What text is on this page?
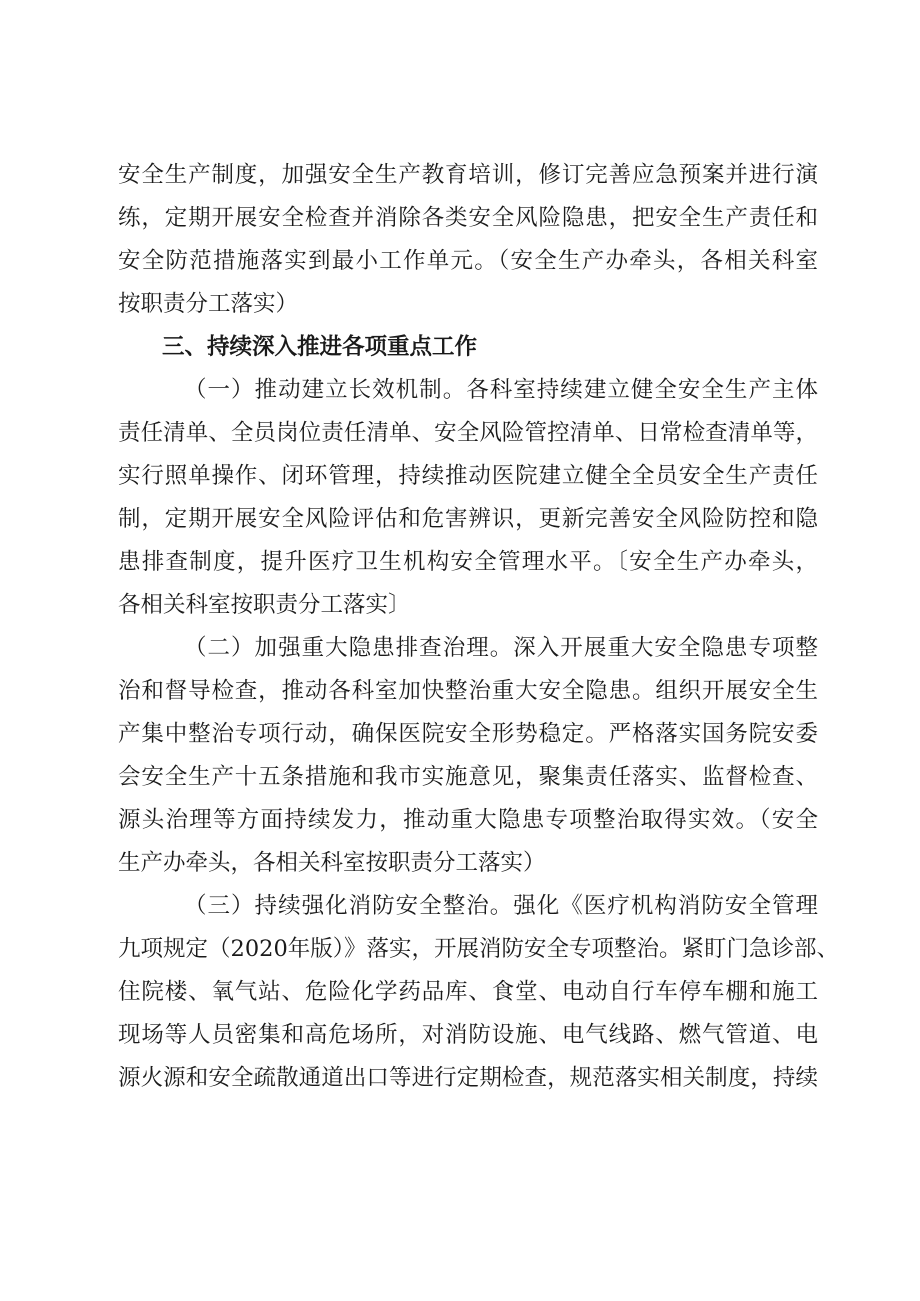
安全生产制度，加强安全生产教育培训，修订完善应急预案并进行演
练，定期开展安全检查并消除各类安全风险隐患，把安全生产责任和
安全防范措施落实到最小工作单元。（安全生产办牵头，各相关科室
按职责分工落实）
三、持续深入推进各项重点工作
（一）推动建立长效机制。各科室持续建立健全安全生产主体
责任清单、全员岗位责任清单、安全风险管控清单、日常检查清单等，
实行照单操作、闭环管理，持续推动医院建立健全全员安全生产责任
制，定期开展安全风险评估和危害辨识，更新完善安全风险防控和隐
患排查制度，提升医疗卫生机构安全管理水平。〔安全生产办牵头，
各相关科室按职责分工落实〕
（二）加强重大隐患排查治理。深入开展重大安全隐患专项整
治和督导检查，推动各科室加快整治重大安全隐患。组织开展安全生
产集中整治专项行动，确保医院安全形势稳定。严格落实国务院安委
会安全生产十五条措施和我市实施意见，聚集责任落实、监督检查、
源头治理等方面持续发力，推动重大隐患专项整治取得实效。（安全
生产办牵头，各相关科室按职责分工落实）
（三）持续强化消防安全整治。强化《医疗机构消防安全管理
九项规定（2020年版）》落实，开展消防安全专项整治。紧盯门急诊部、
住院楼、氧气站、危险化学药品库、食堂、电动自行车停车棚和施工
现场等人员密集和高危场所，对消防设施、电气线路、燃气管道、电
源火源和安全疏散通道出口等进行定期检查，规范落实相关制度，持续
